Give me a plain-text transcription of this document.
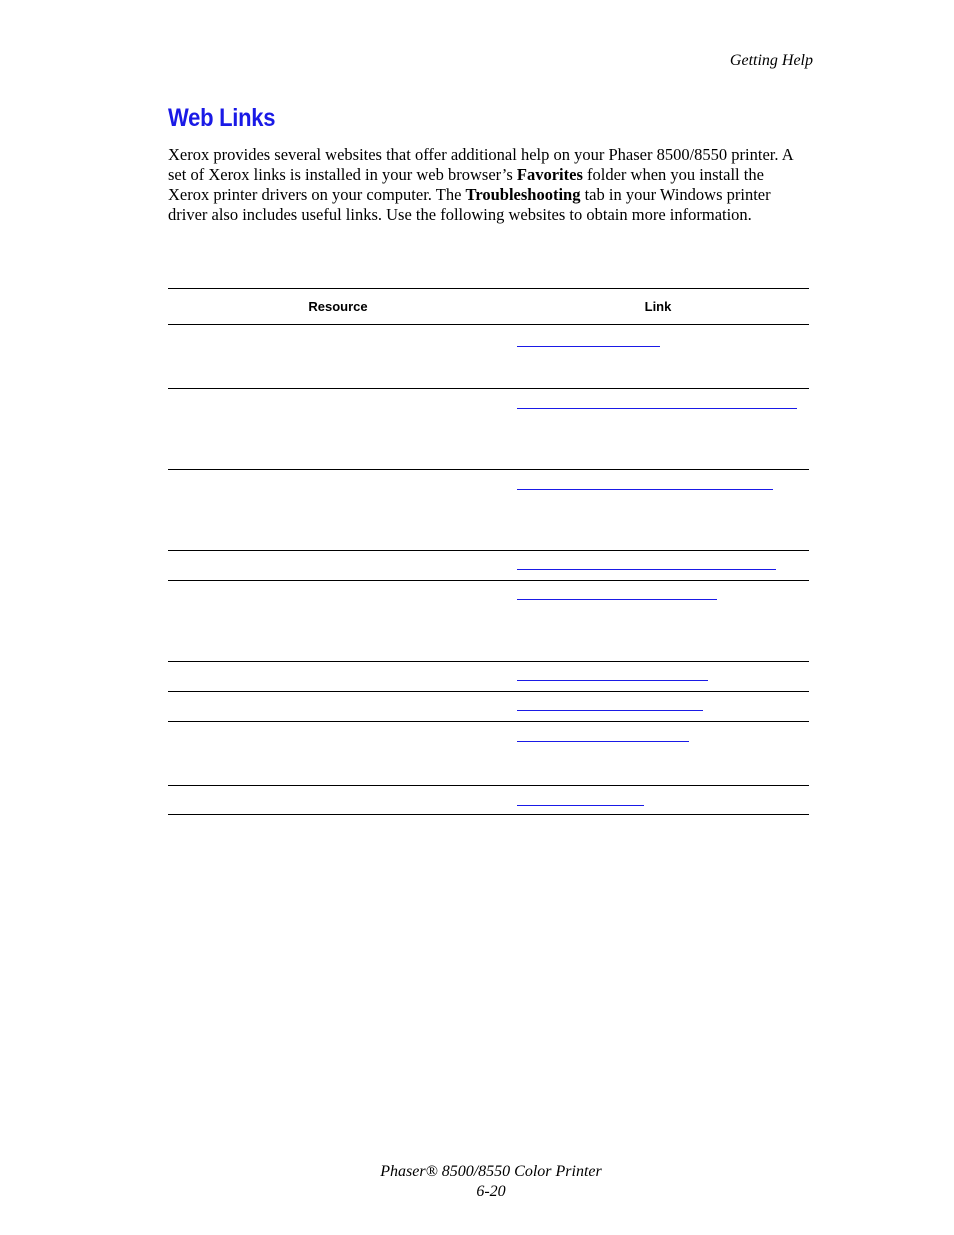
Getting Help
Web Links

Xerox provides several websites that offer additional help on your Phaser 8500/8550 printer. A set of Xerox links is installed in your web browser’s Favorites folder when you install the Xerox printer drivers on your computer. The Troubleshooting tab in your Windows printer driver also includes useful links. Use the following websites to obtain more information.

Resource	Link
Phaser® 8500/8550 Color Printer
6-20
